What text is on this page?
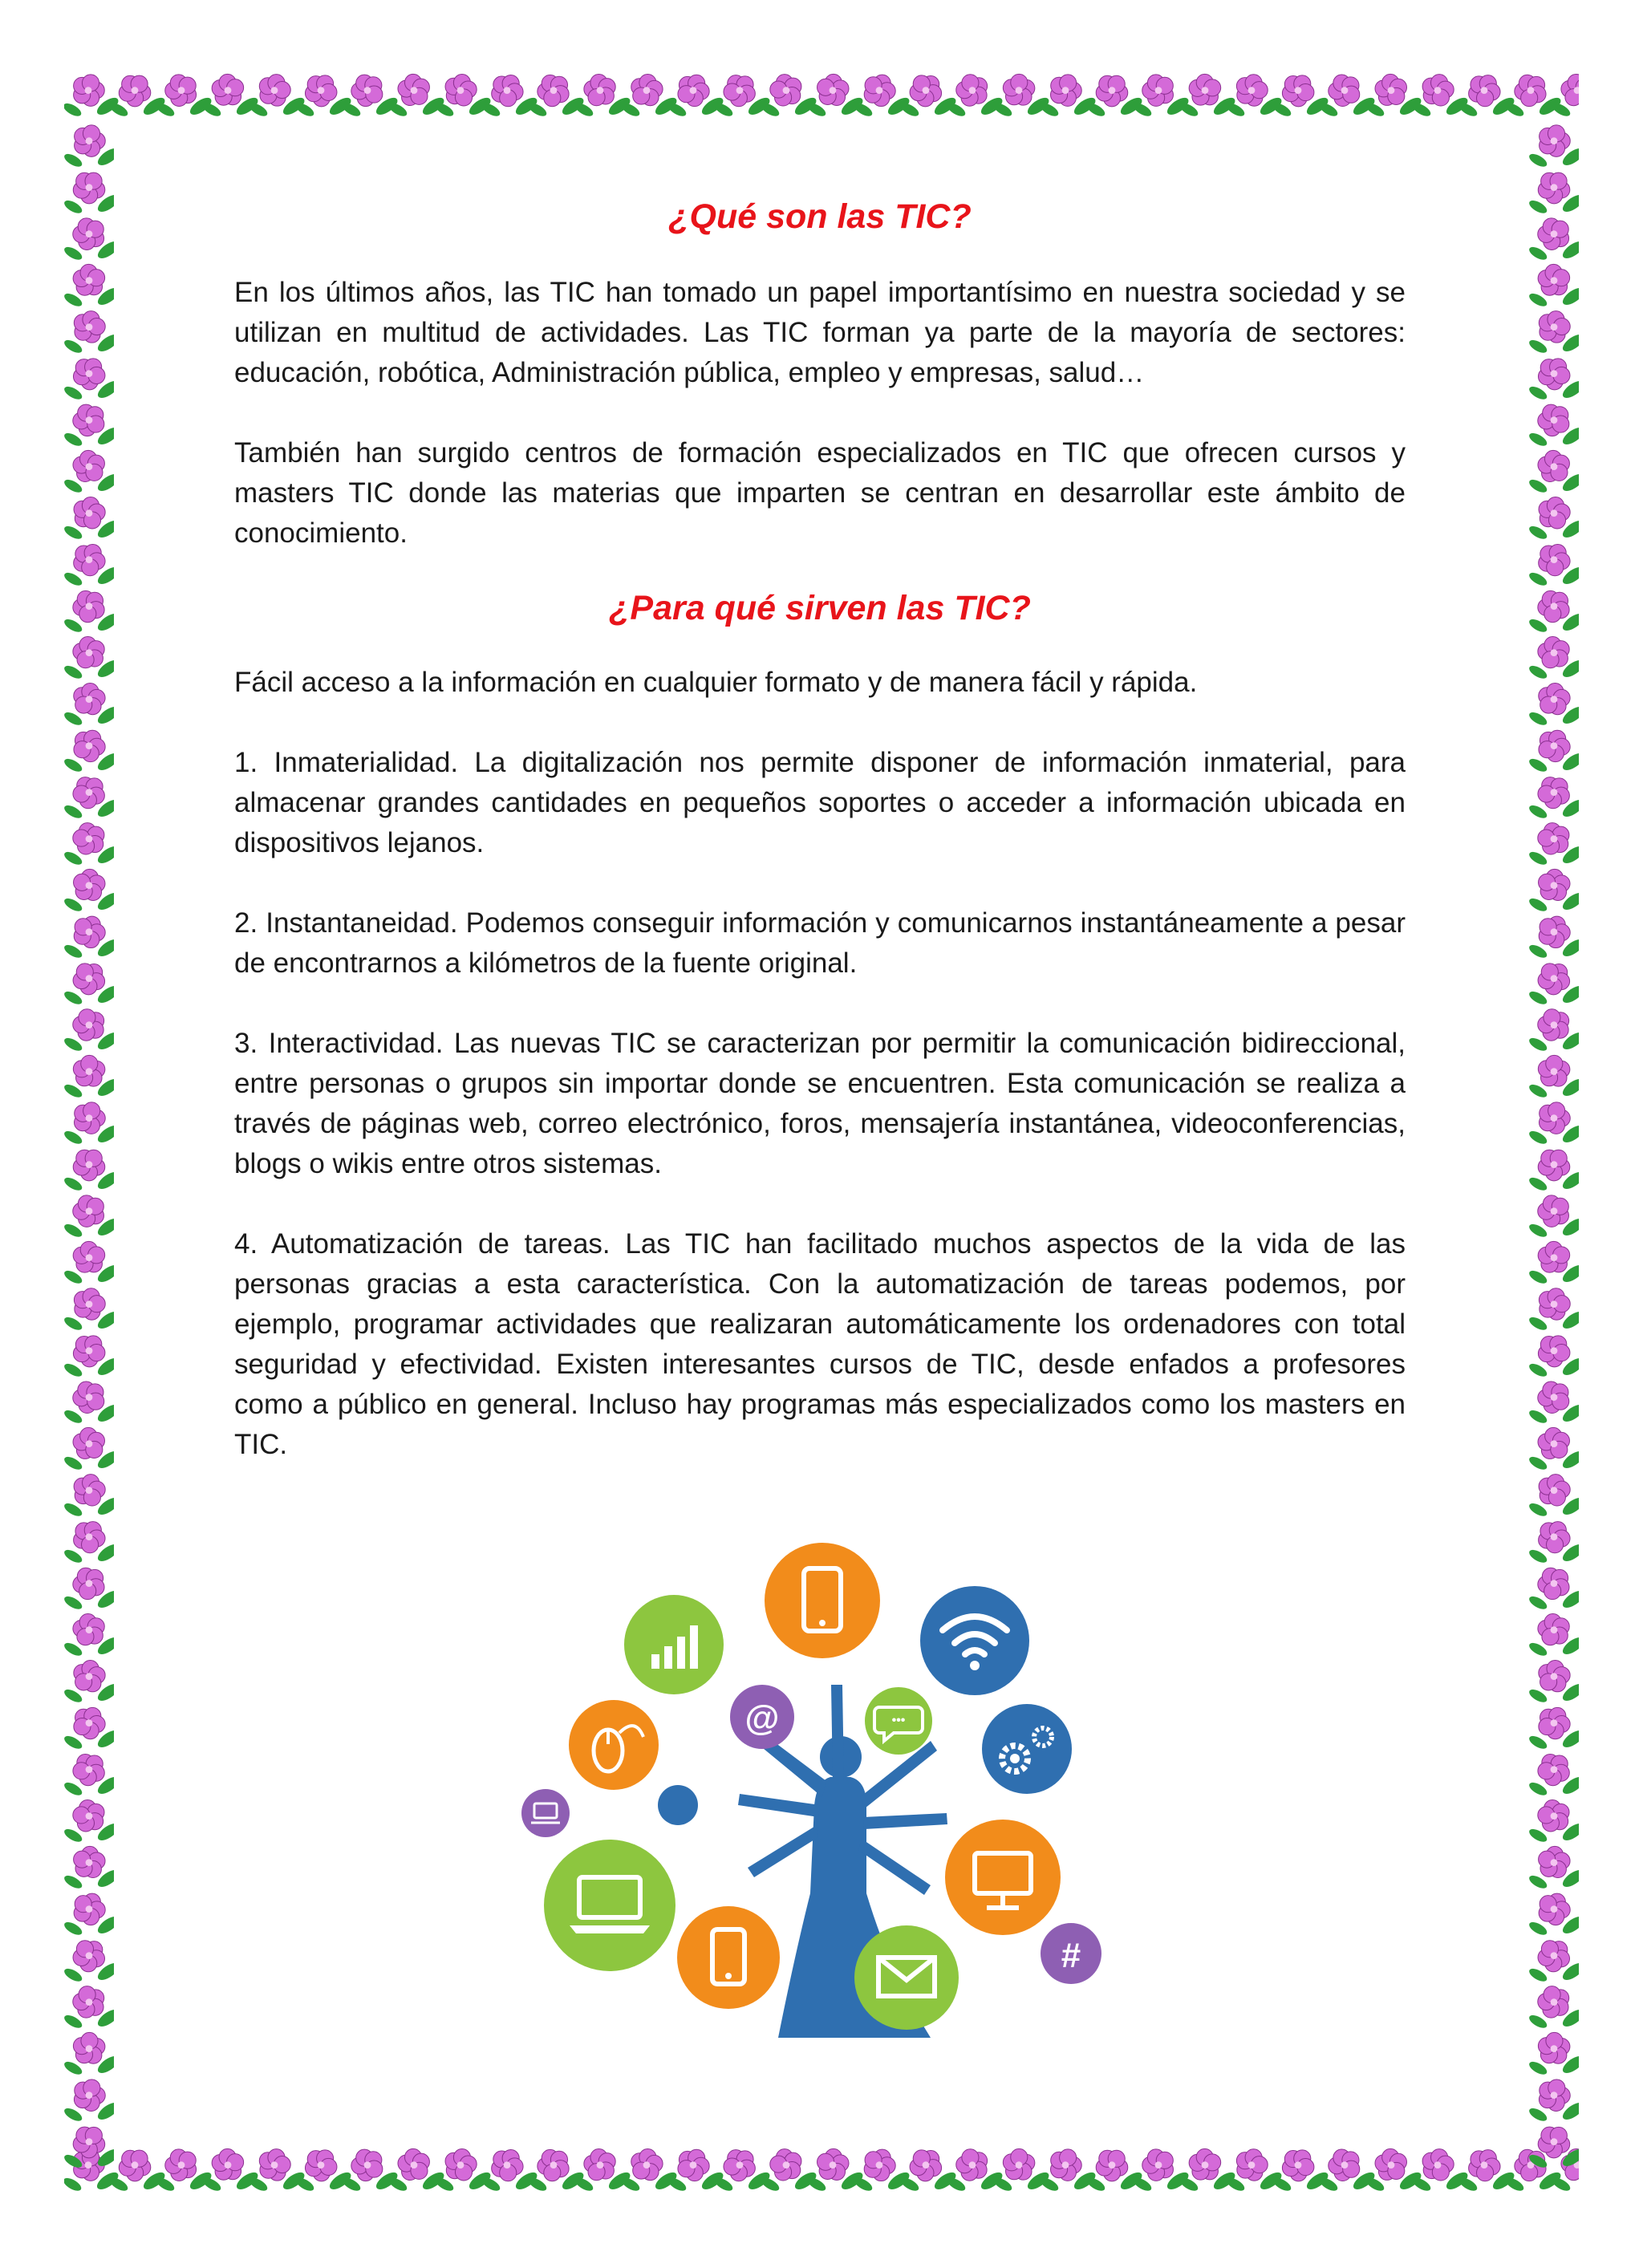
¿Qué son las TIC?

En los últimos años, las TIC han tomado un papel importantísimo en nuestra sociedad y se utilizan en multitud de actividades. Las TIC forman ya parte de la mayoría de sectores: educación, robótica, Administración pública, empleo y empresas, salud…

También han surgido centros de formación especializados en TIC que ofrecen cursos y masters TIC donde las materias que imparten se centran en desarrollar este ámbito de conocimiento.

¿Para qué sirven las TIC?

Fácil acceso a la información en cualquier formato y de manera fácil y rápida.

1. Inmaterialidad. La digitalización nos permite disponer de información inmaterial, para almacenar grandes cantidades en pequeños soportes o acceder a información ubicada en dispositivos lejanos.

2. Instantaneidad. Podemos conseguir información y comunicarnos instantáneamente a pesar de encontrarnos a kilómetros de la fuente original.

3. Interactividad. Las nuevas TIC se caracterizan por permitir la comunicación bidireccional, entre personas o grupos sin importar donde se encuentren. Esta comunicación se realiza a través de páginas web, correo electrónico, foros, mensajería instantánea, videoconferencias, blogs o wikis entre otros sistemas.

4. Automatización de tareas. Las TIC han facilitado muchos aspectos de la vida de las personas gracias a esta característica. Con la automatización de tareas podemos, por ejemplo, programar actividades que realizaran automáticamente los ordenadores con total seguridad y efectividad. Existen interesantes cursos de TIC, desde enfados a profesores como a público en general. Incluso hay programas más especializados como los masters en TIC.

@	•••
#
